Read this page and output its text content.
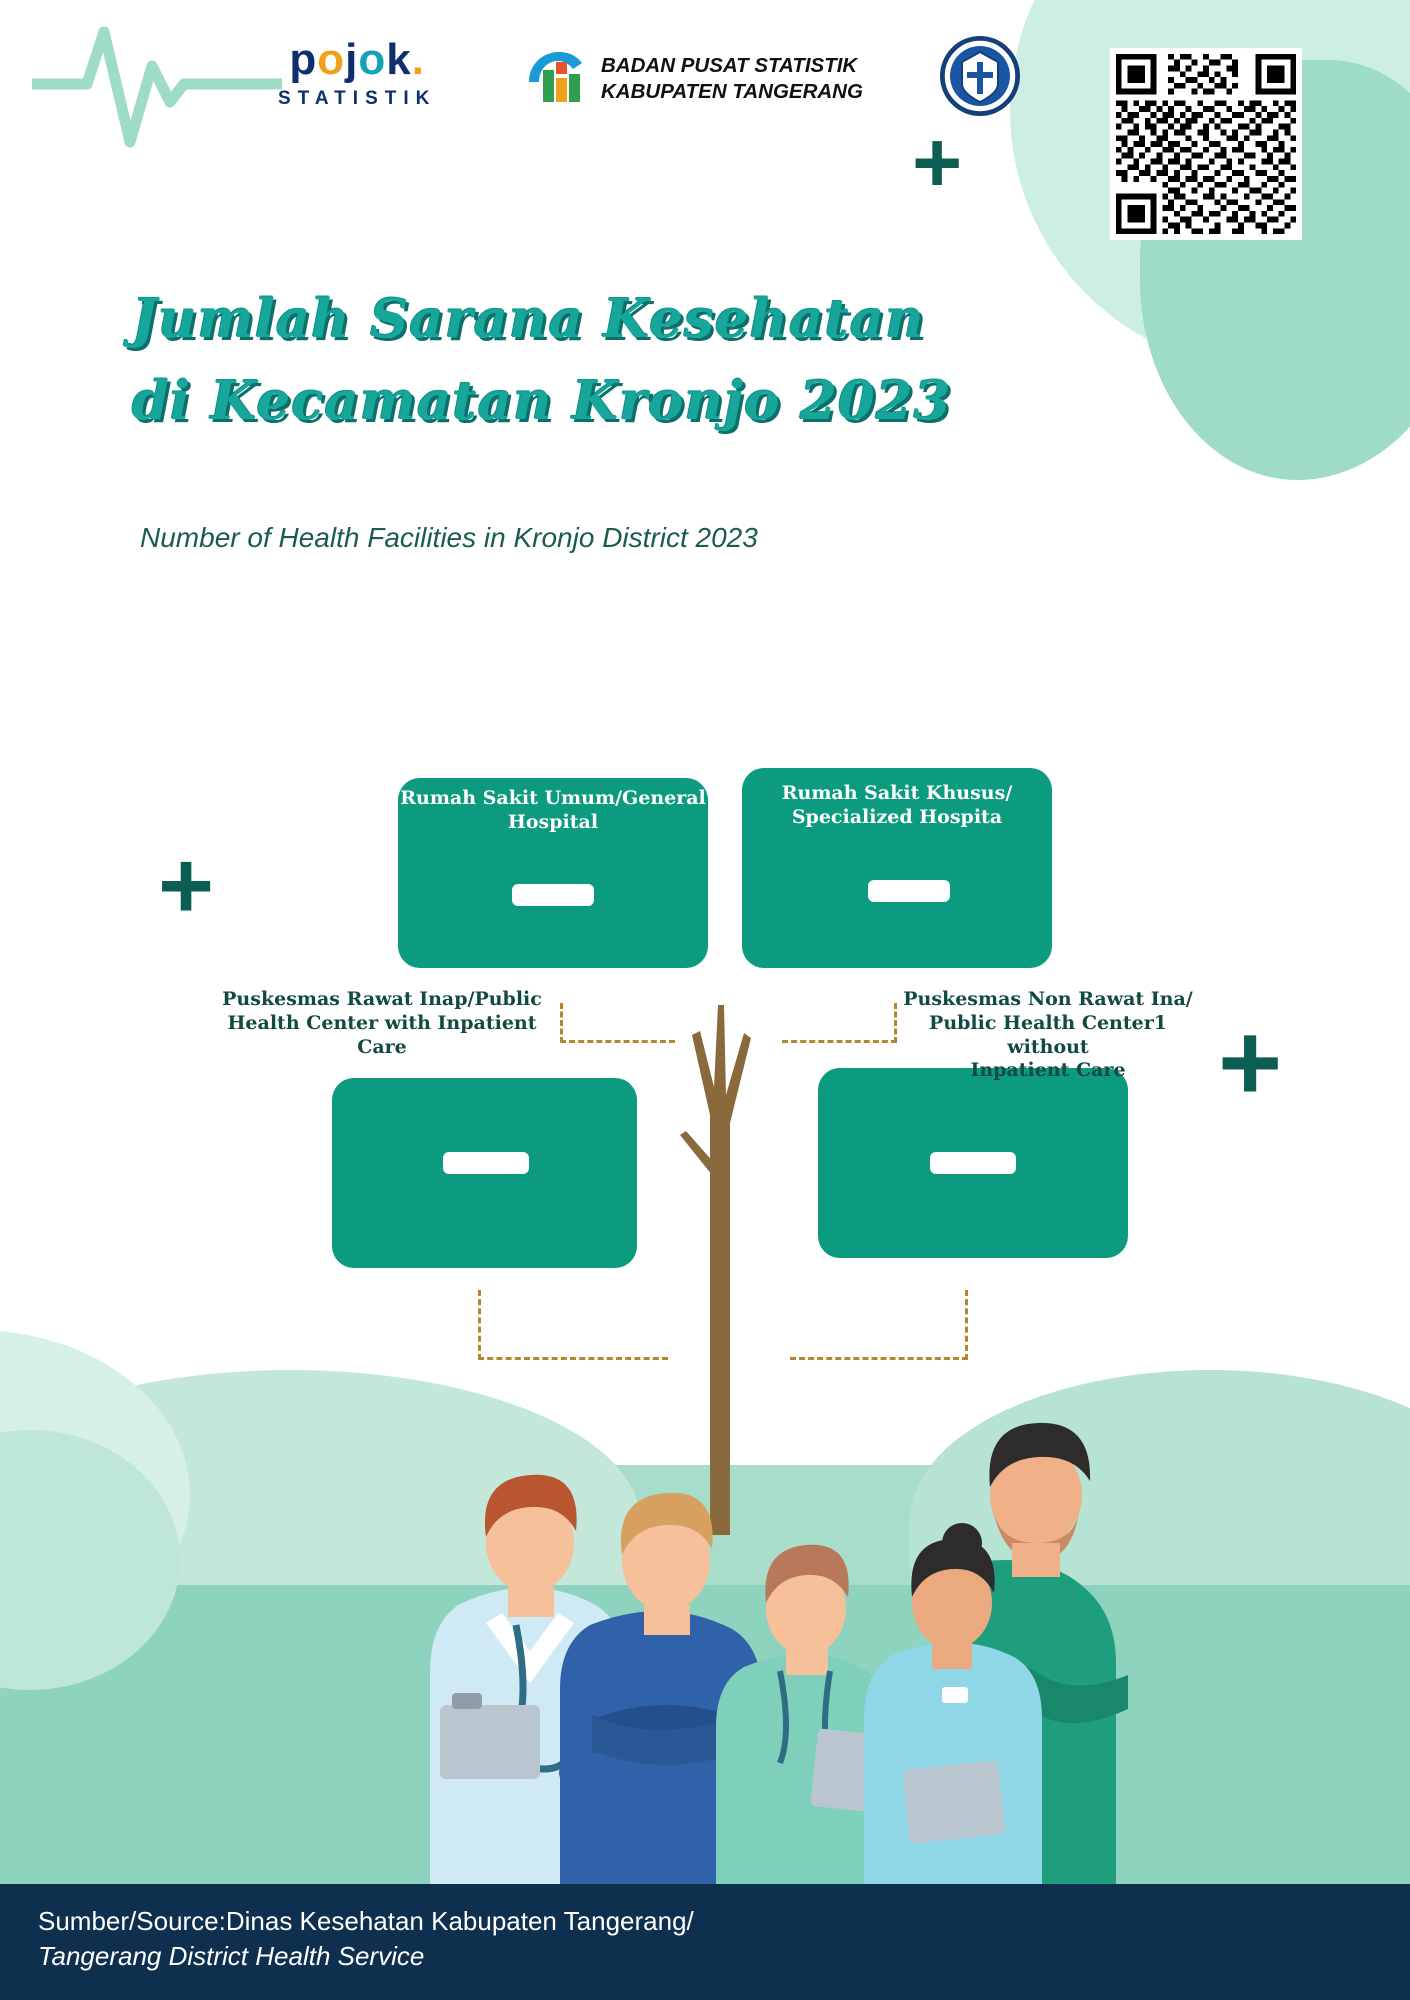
pojok.
STATISTIK
BADAN PUSAT STATISTIK
KABUPATEN TANGERANG
+
+
+
Jumlah Sarana Kesehatan
di Kecamatan Kronjo 2023
Number of Health Facilities in Kronjo District 2023
Rumah Sakit Umum/General
Hospital
Rumah Sakit Khusus/
Specialized Hospita
Puskesmas Rawat Inap/Public
Health Center with Inpatient
Care
Puskesmas Non Rawat Ina/
Public Health Center1 without
Inpatient Care
Sumber/Source:Dinas Kesehatan Kabupaten Tangerang/
Tangerang District Health Service
